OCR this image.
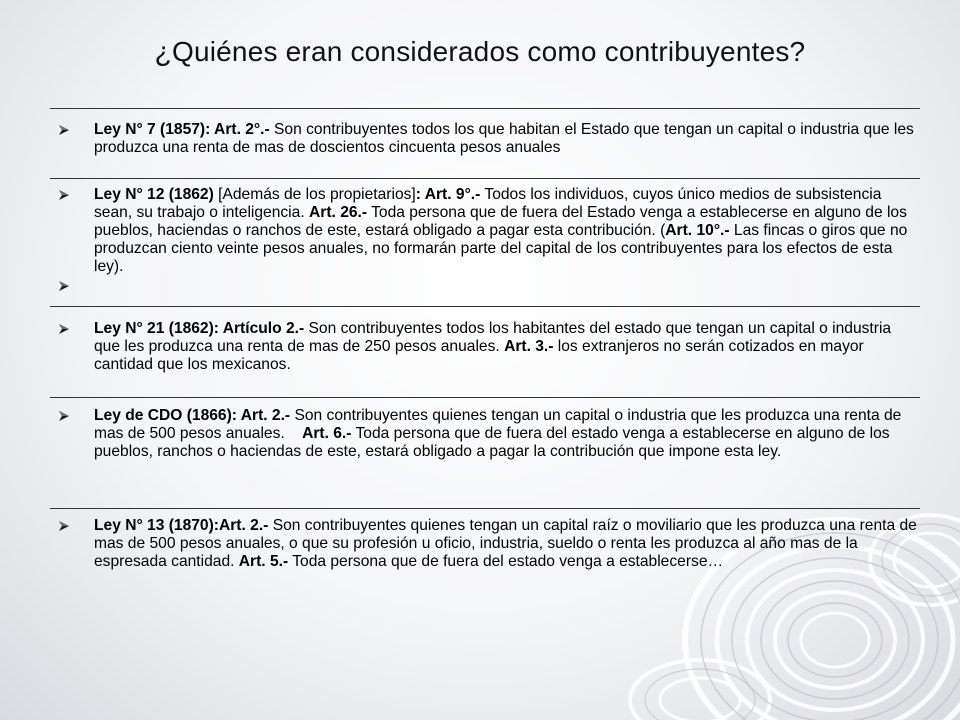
¿Quiénes eran considerados como contribuyentes?
Ley N° 7 (1857): Art. 2°.- Son contribuyentes todos los que habitan el Estado que tengan un capital o industria que les produzca una renta de mas de doscientos cincuenta pesos anuales
Ley N° 12 (1862) [Además de los propietarios]: Art. 9°.- Todos los individuos, cuyos único medios de subsistencia sean, su trabajo o inteligencia. Art. 26.- Toda persona que de fuera del Estado venga a establecerse en alguno de los pueblos, haciendas o ranchos de este, estará obligado a pagar esta contribución. (Art. 10°.- Las fincas o giros que no produzcan ciento veinte pesos anuales, no formarán parte del capital de los contribuyentes para los efectos de esta ley).
Ley N° 21 (1862): Artículo 2.- Son contribuyentes todos los habitantes del estado que tengan un capital o industria que les produzca una renta de mas de 250 pesos anuales. Art. 3.- los extranjeros no serán cotizados en mayor cantidad que los mexicanos.
Ley de CDO (1866): Art. 2.- Son contribuyentes quienes tengan un capital o industria que les produzca una renta de mas de 500 pesos anuales.    Art. 6.- Toda persona que de fuera del estado venga a establecerse en alguno de los pueblos, ranchos o haciendas de este, estará obligado a pagar la contribución que impone esta ley.
Ley N° 13 (1870):Art. 2.- Son contribuyentes quienes tengan un capital raíz o moviliario que les produzca una renta de mas de 500 pesos anuales, o que su profesión u oficio, industria, sueldo o renta les produzca al año mas de la espresada cantidad. Art. 5.- Toda persona que de fuera del estado venga a establecerse…
